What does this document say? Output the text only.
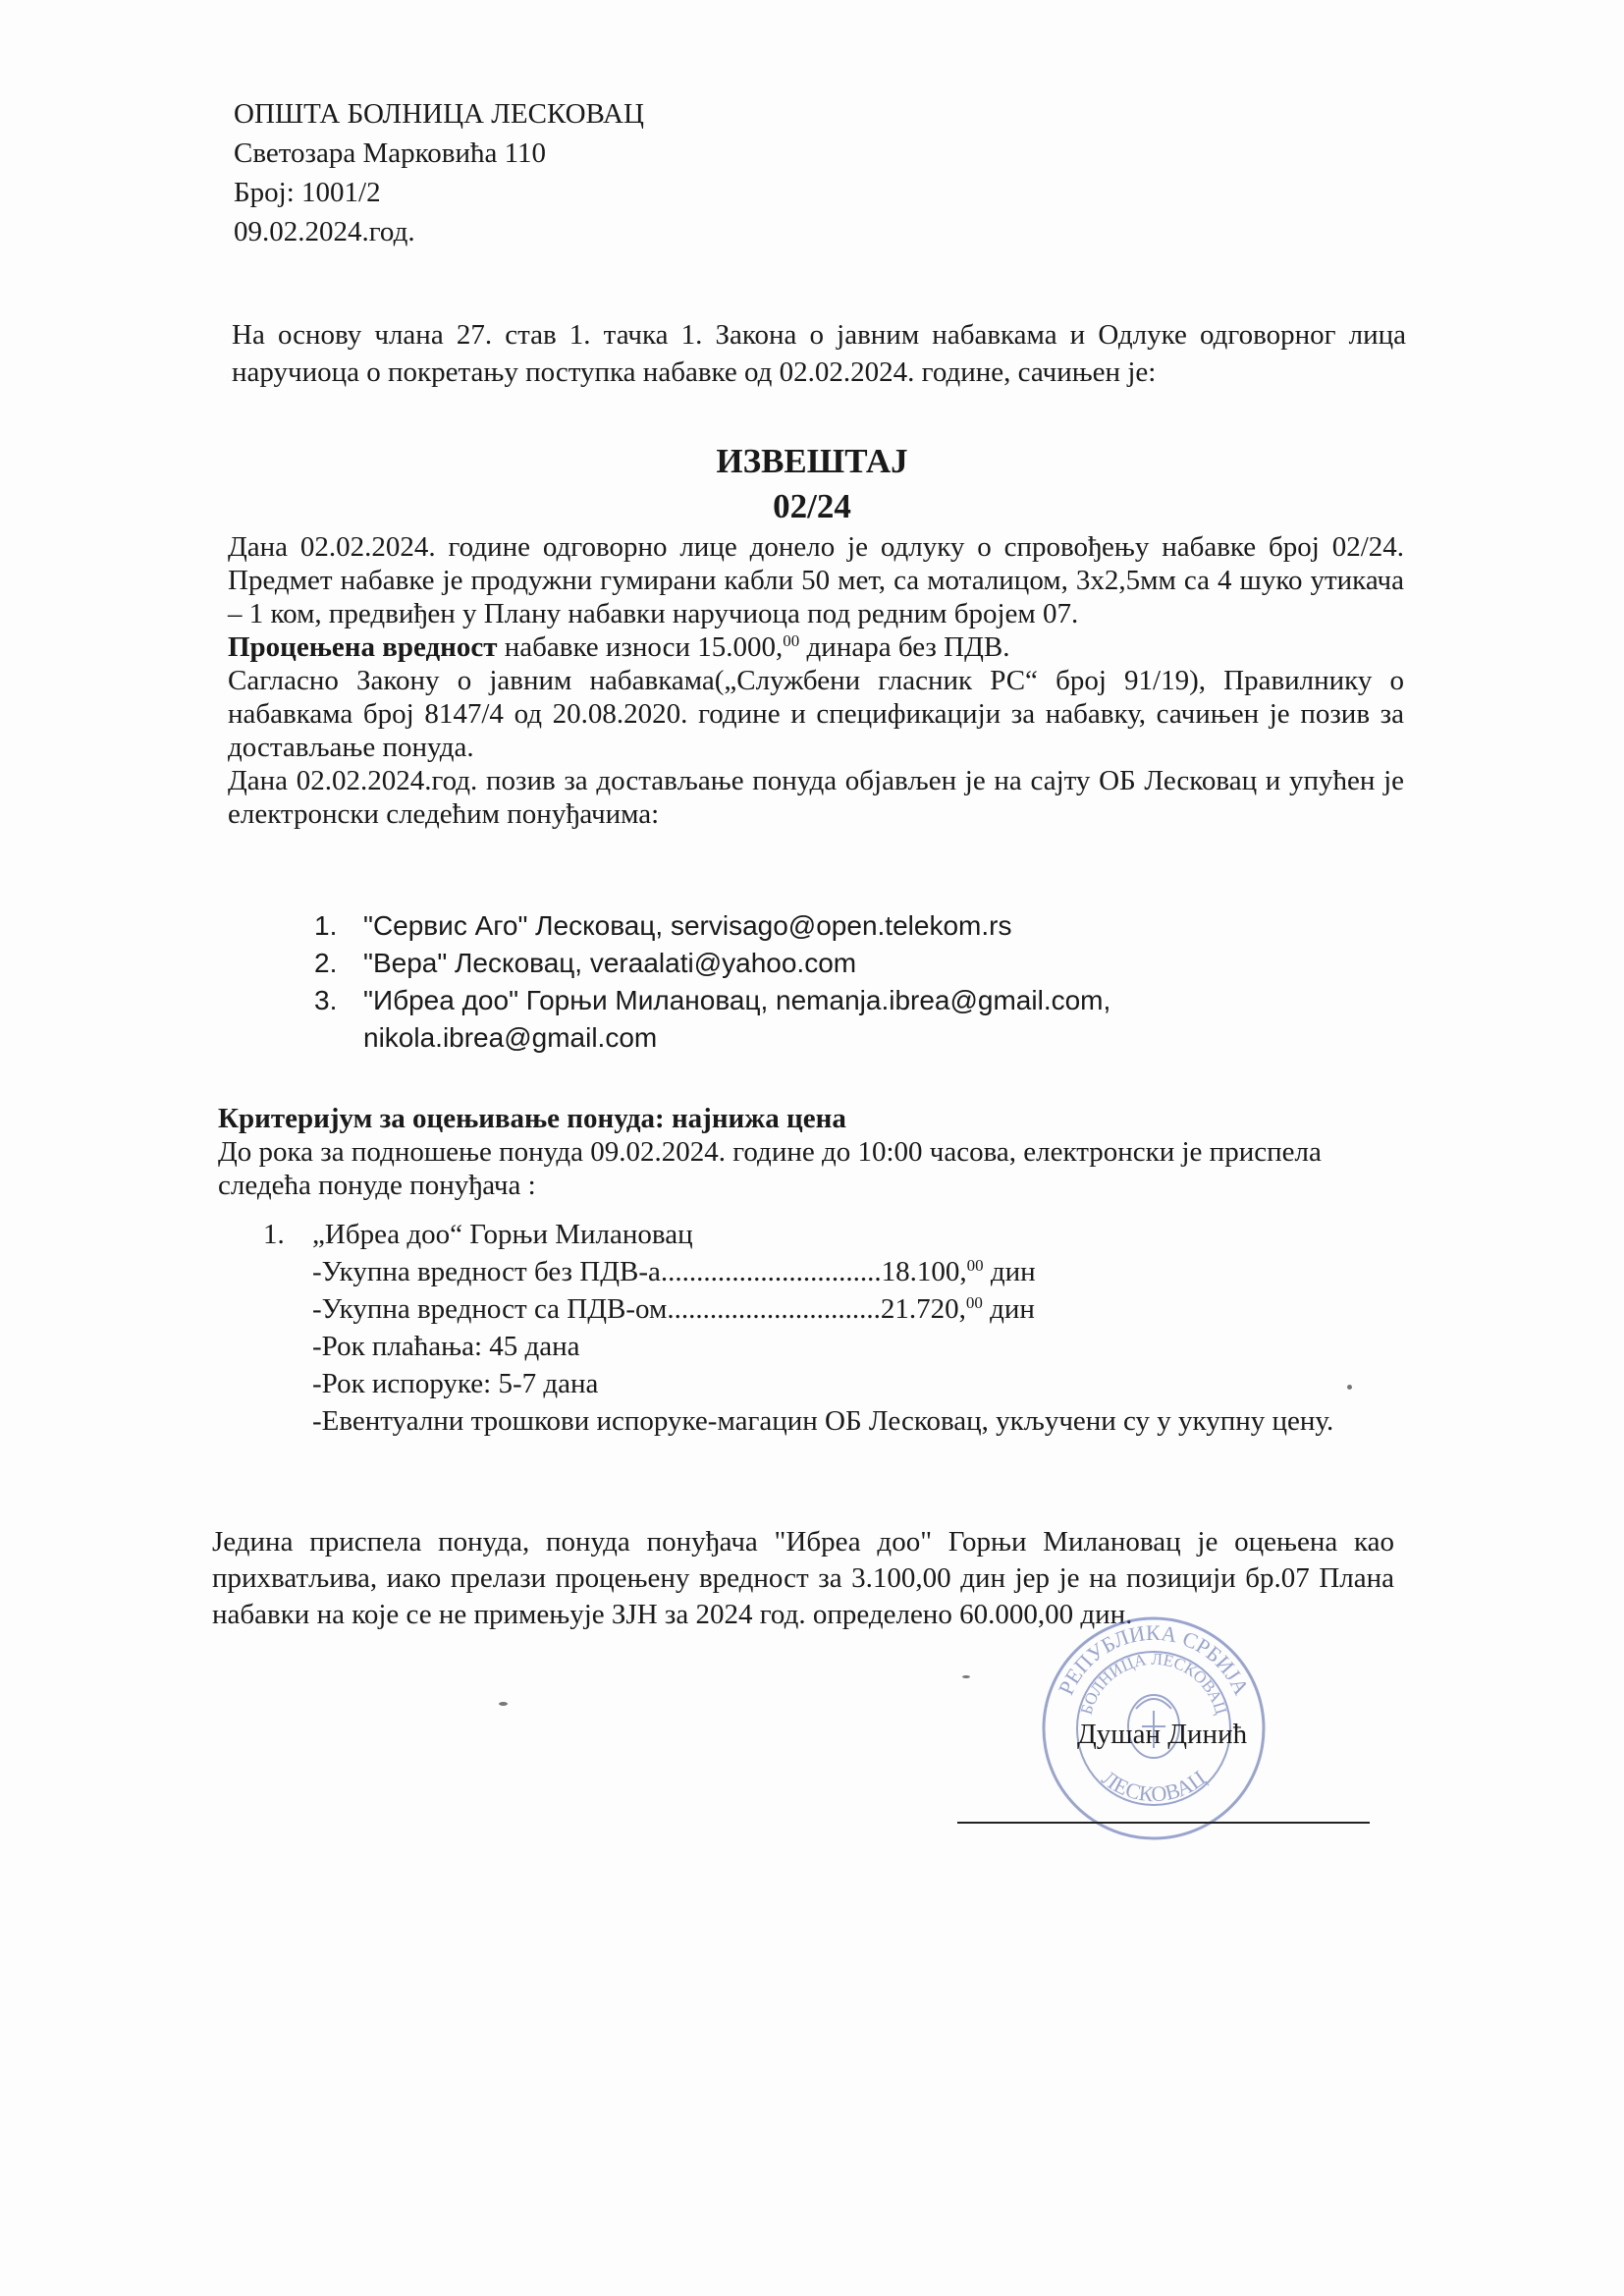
ОПШТА БОЛНИЦА ЛЕСКОВАЦ
Светозара Марковића 110
Број: 1001/2
09.02.2024.год.
На основу члана 27. став 1. тачка 1. Закона о јавним набавкама и Одлуке одговорног лица наручиоца о покретању поступка набавке од 02.02.2024. године, сачињен је:
ИЗВЕШТАЈ
02/24

Дана 02.02.2024. године одговорно лице донело је одлуку о спровођењу набавке број 02/24. Предмет набавке је продужни гумирани кабли 50 мет, са моталицом, 3х2,5мм са 4 шуко утикача – 1 ком, предвиђен у Плану набавки наручиоца под редним бројем 07.

Процењена вредност набавке износи 15.000,00 динара без ПДВ.

Сагласно Закону о јавним набавкама(„Службени гласник РС“ број 91/19), Правилнику о набавкама број 8147/4 од 20.08.2020. године и спецификацији за набавку, сачињен је позив за достављање понуда.

Дана 02.02.2024.год. позив за достављање понуда објављен је на сајту ОБ Лесковац и упућен је електронски следећим понуђачима:

1. "Сервис Аго" Лесковац, servisago@open.telekom.rs
2. "Вера" Лесковац, veraalati@yahoo.com
3. "Ибреа доо" Горњи Милановац, nemanja.ibrea@gmail.com, nikola.ibrea@gmail.com

Критеријум за оцењивање понуда: најнижа цена

До рока за подношење понуда 09.02.2024. године до 10:00 часова, електронски је приспела следећа понуде понуђача :

1. „Ибреа доо“ Горњи Милановац
-Укупна вредност без ПДВ-а...............................18.100,00 дин
-Укупна вредност са ПДВ-ом..............................21.720,00 дин
-Рок плаћања: 45 дана
-Рок испоруке: 5-7 дана
-Евентуални трошкови испоруке-магацин ОБ Лесковац, укључени су у укупну цену.
Једина приспела понуда, понуда понуђача "Ибреа доо" Горњи Милановац је оцењена као прихватљива, иако прелази процењену вредност за 3.100,00 дин јер је на позицији бр.07 Плана набавки на које се не примењује ЗЈН за 2024 год. определено 60.000,00 дин.
РЕПУБЛИКА СРБИЈА
БОЛНИЦА ЛЕСКОВАЦ
ЛЕСКОВАЦ
Душан Динић
